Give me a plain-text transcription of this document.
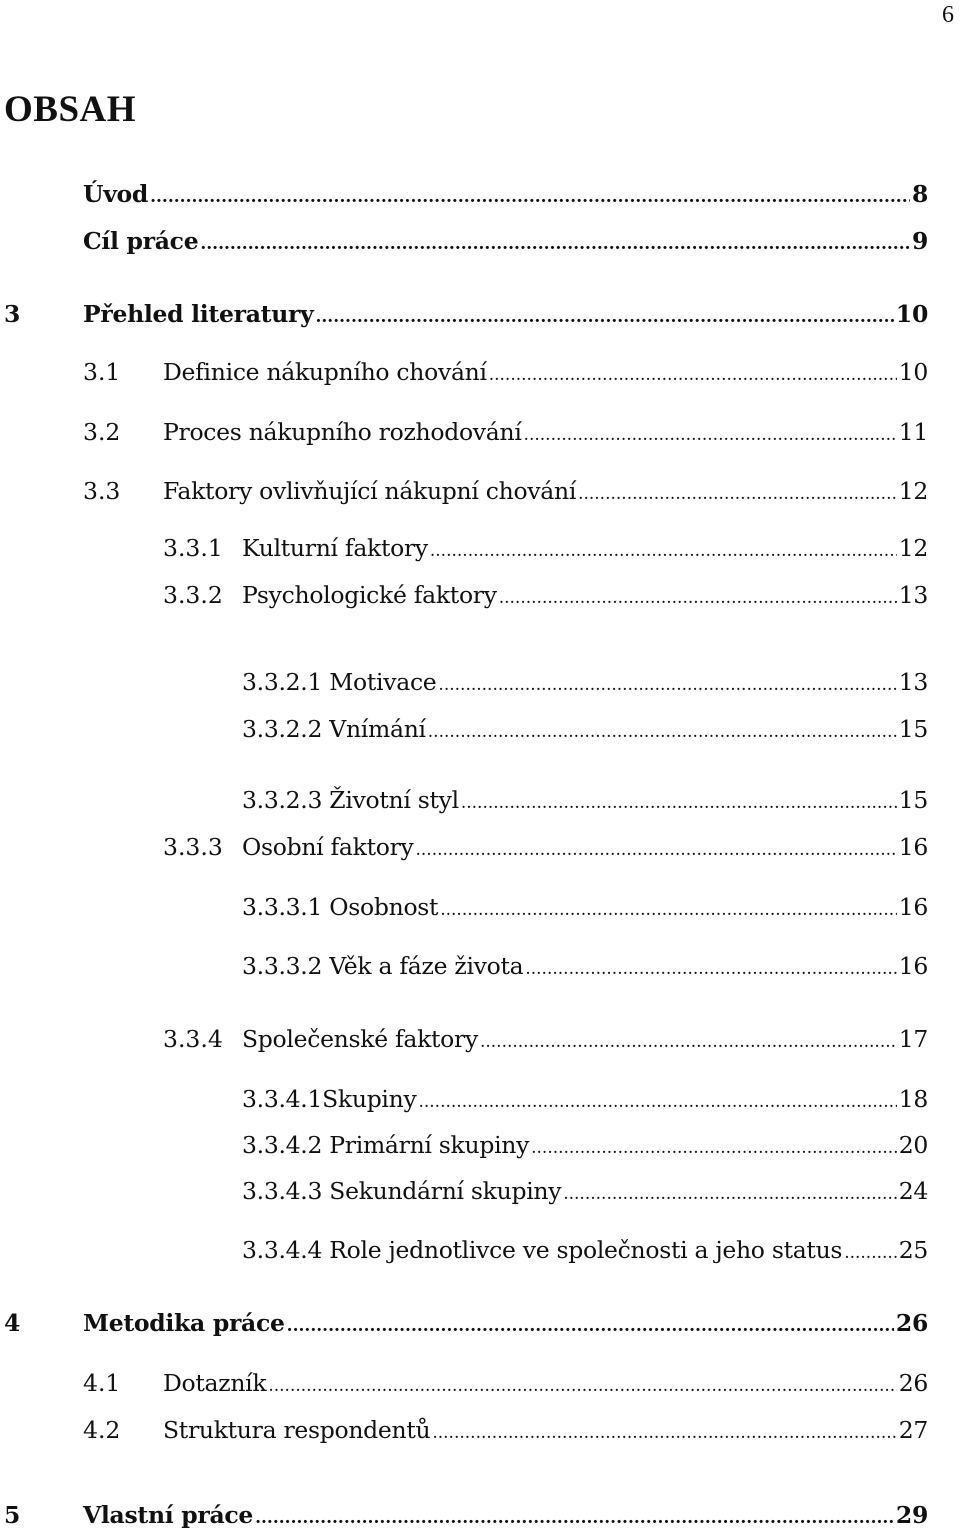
6
OBSAH
Úvod .....	8
Cíl práce .....	9
3	Přehled literatury .....	10
3.1 Definice nákupního chování .....	10
3.2 Proces nákupního rozhodování .....	11
3.3 Faktory ovlivňující nákupní chování .....	12
3.3.1 Kulturní faktory .....	12
3.3.2 Psychologické faktory .....	13
3.3.2.1 Motivace .....	13
3.3.2.2 Vnímání .....	15
3.3.2.3 Životní styl .....	15
3.3.3 Osobní faktory .....	16
3.3.3.1 Osobnost .....	16
3.3.3.2 Věk a fáze života .....	16
3.3.4 Společenské faktory .....	17
3.3.4.1Skupiny .....	18
3.3.4.2 Primární skupiny .....	20
3.3.4.3 Sekundární skupiny .....	24
3.3.4.4 Role jednotlivce ve společnosti a jeho status ..... 25
4	Metodika práce .....	26
4.1 Dotazník .....	26
4.2 Struktura respondentů .....	27
5	Vlastní práce .....	29
